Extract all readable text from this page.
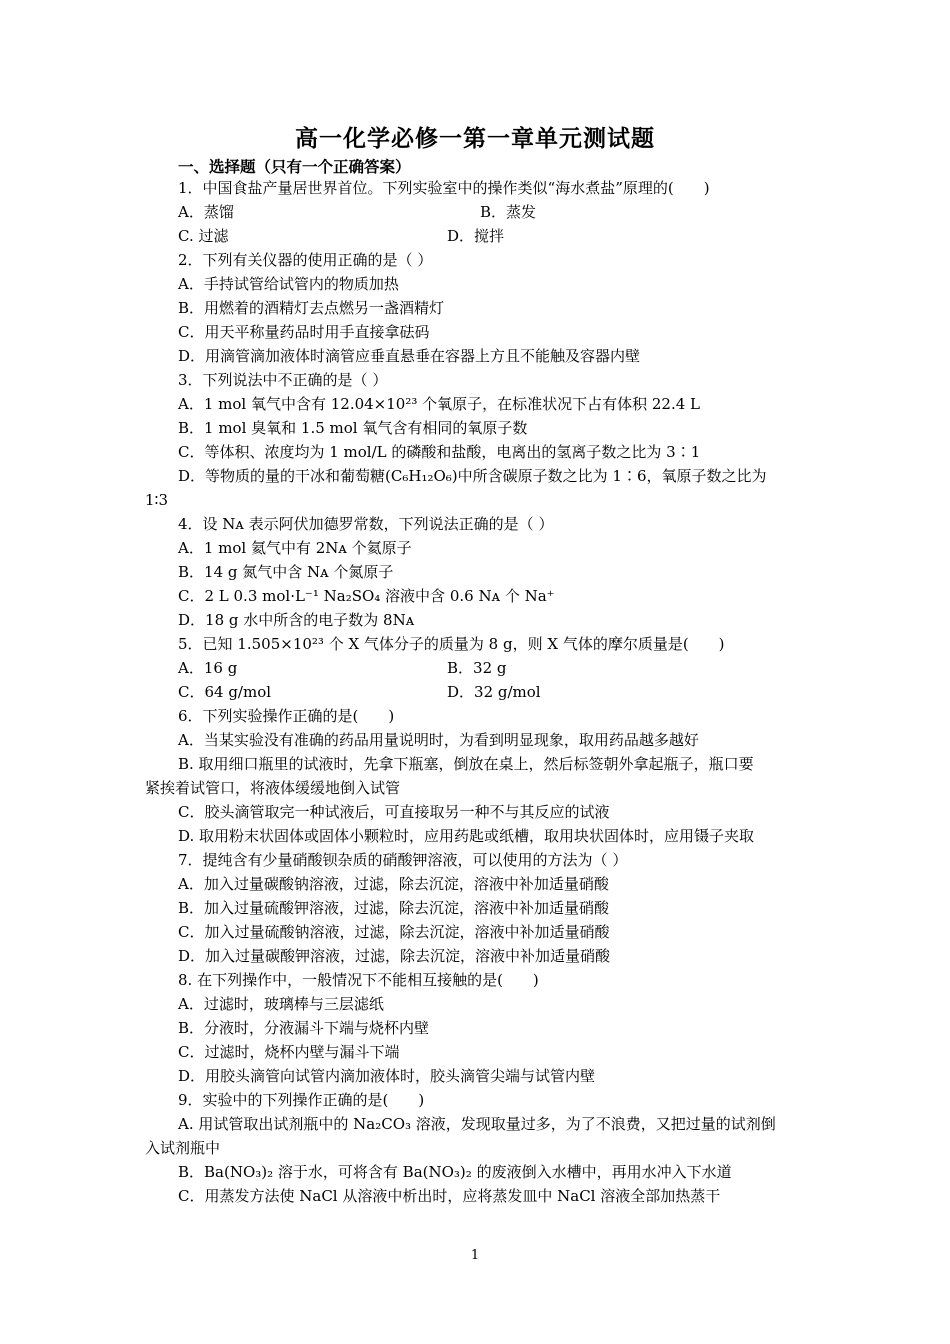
高一化学必修一第一章单元测试题
一、选择题（只有一个正确答案）
1．中国食盐产量居世界首位。下列实验室中的操作类似“海水煮盐”原理的(　　)
A．蒸馏	B．蒸发
C. 过滤	D．搅拌
2．下列有关仪器的使用正确的是（ ）
A．手持试管给试管内的物质加热
B．用燃着的酒精灯去点燃另一盏酒精灯
C．用天平称量药品时用手直接拿砝码
D．用滴管滴加液体时滴管应垂直悬垂在容器上方且不能触及容器内壁
3．下列说法中不正确的是（ ）
A．1 mol 氧气中含有 12.04×10²³ 个氧原子，在标准状况下占有体积 22.4 L
B．1 mol 臭氧和 1.5 mol 氧气含有相同的氧原子数
C．等体积、浓度均为 1 mol/L 的磷酸和盐酸，电离出的氢离子数之比为 3∶1
D．等物质的量的干冰和葡萄糖(C₆H₁₂O₆)中所含碳原子数之比为 1∶6，氧原子数之比为
1∶3
4．设 Nᴀ 表示阿伏加德罗常数，下列说法正确的是（ ）
A．1 mol 氦气中有 2Nᴀ 个氦原子
B．14 g 氮气中含 Nᴀ 个氮原子
C．2 L 0.3 mol·L⁻¹ Na₂SO₄ 溶液中含 0.6 Nᴀ 个 Na⁺
D．18 g 水中所含的电子数为 8Nᴀ
5．已知 1.505×10²³ 个 X 气体分子的质量为 8 g，则 X 气体的摩尔质量是(　　)
A．16 g	B．32 g
C．64 g/mol	D．32 g/mol
6．下列实验操作正确的是(　　)
A．当某实验没有准确的药品用量说明时，为看到明显现象，取用药品越多越好
B. 取用细口瓶里的试液时，先拿下瓶塞，倒放在桌上，然后标签朝外拿起瓶子，瓶口要
紧挨着试管口，将液体缓缓地倒入试管
C．胶头滴管取完一种试液后，可直接取另一种不与其反应的试液
D. 取用粉末状固体或固体小颗粒时，应用药匙或纸槽，取用块状固体时，应用镊子夹取
7．提纯含有少量硝酸钡杂质的硝酸钾溶液，可以使用的方法为（ ）
A．加入过量碳酸钠溶液，过滤，除去沉淀，溶液中补加适量硝酸
B．加入过量硫酸钾溶液，过滤，除去沉淀，溶液中补加适量硝酸
C．加入过量硫酸钠溶液，过滤，除去沉淀，溶液中补加适量硝酸
D．加入过量碳酸钾溶液，过滤，除去沉淀，溶液中补加适量硝酸
8. 在下列操作中，一般情况下不能相互接触的是(　　)
A．过滤时，玻璃棒与三层滤纸
B．分液时，分液漏斗下端与烧杯内壁
C．过滤时，烧杯内壁与漏斗下端
D．用胶头滴管向试管内滴加液体时，胶头滴管尖端与试管内壁
9．实验中的下列操作正确的是(　　)
A. 用试管取出试剂瓶中的 Na₂CO₃ 溶液，发现取量过多，为了不浪费，又把过量的试剂倒
入试剂瓶中
B．Ba(NO₃)₂ 溶于水，可将含有 Ba(NO₃)₂ 的废液倒入水槽中，再用水冲入下水道
C．用蒸发方法使 NaCl 从溶液中析出时，应将蒸发皿中 NaCl 溶液全部加热蒸干
1
